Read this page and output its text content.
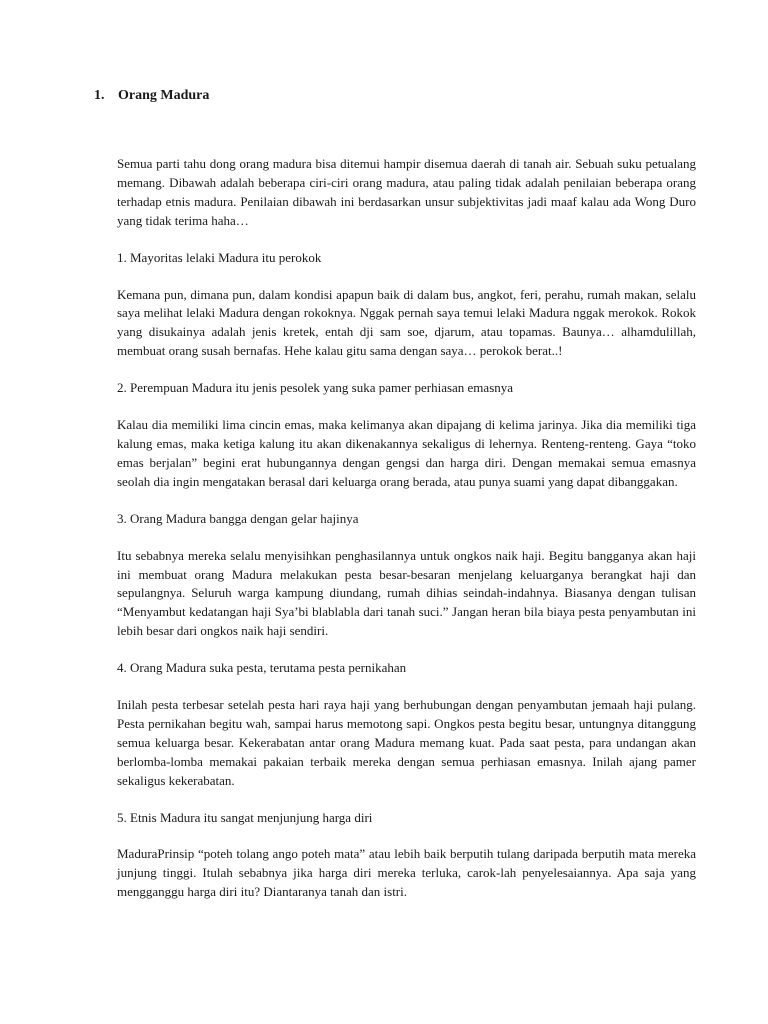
1. Orang Madura

Semua parti tahu dong orang madura bisa ditemui hampir disemua daerah di tanah air. Sebuah suku petualang memang. Dibawah adalah beberapa ciri-ciri orang madura, atau paling tidak adalah penilaian beberapa orang terhadap etnis madura. Penilaian dibawah ini berdasarkan unsur subjektivitas jadi maaf kalau ada Wong Duro yang tidak terima haha…

1. Mayoritas lelaki Madura itu perokok

Kemana pun, dimana pun, dalam kondisi apapun baik di dalam bus, angkot, feri, perahu, rumah makan, selalu saya melihat lelaki Madura dengan rokoknya. Nggak pernah saya temui lelaki Madura nggak merokok. Rokok yang disukainya adalah jenis kretek, entah dji sam soe, djarum, atau topamas. Baunya… alhamdulillah, membuat orang susah bernafas. Hehe kalau gitu sama dengan saya… perokok berat..!

2. Perempuan Madura itu jenis pesolek yang suka pamer perhiasan emasnya

Kalau dia memiliki lima cincin emas, maka kelimanya akan dipajang di kelima jarinya. Jika dia memiliki tiga kalung emas, maka ketiga kalung itu akan dikenakannya sekaligus di lehernya. Renteng-renteng. Gaya “toko emas berjalan” begini erat hubungannya dengan gengsi dan harga diri. Dengan memakai semua emasnya seolah dia ingin mengatakan berasal dari keluarga orang berada, atau punya suami yang dapat dibanggakan.

3. Orang Madura bangga dengan gelar hajinya

Itu sebabnya mereka selalu menyisihkan penghasilannya untuk ongkos naik haji. Begitu bangganya akan haji ini membuat orang Madura melakukan pesta besar-besaran menjelang keluarganya berangkat haji dan sepulangnya. Seluruh warga kampung diundang, rumah dihias seindah-indahnya. Biasanya dengan tulisan “Menyambut kedatangan haji Sya’bi blablabla dari tanah suci.” Jangan heran bila biaya pesta penyambutan ini lebih besar dari ongkos naik haji sendiri.

4. Orang Madura suka pesta, terutama pesta pernikahan

Inilah pesta terbesar setelah pesta hari raya haji yang berhubungan dengan penyambutan jemaah haji pulang. Pesta pernikahan begitu wah, sampai harus memotong sapi. Ongkos pesta begitu besar, untungnya ditanggung semua keluarga besar. Kekerabatan antar orang Madura memang kuat. Pada saat pesta, para undangan akan berlomba-lomba memakai pakaian terbaik mereka dengan semua perhiasan emasnya. Inilah ajang pamer sekaligus kekerabatan.

5. Etnis Madura itu sangat menjunjung harga diri

MaduraPrinsip “poteh tolang ango poteh mata” atau lebih baik berputih tulang daripada berputih mata mereka junjung tinggi. Itulah sebabnya jika harga diri mereka terluka, carok-lah penyelesaiannya. Apa saja yang mengganggu harga diri itu? Diantaranya tanah dan istri.
